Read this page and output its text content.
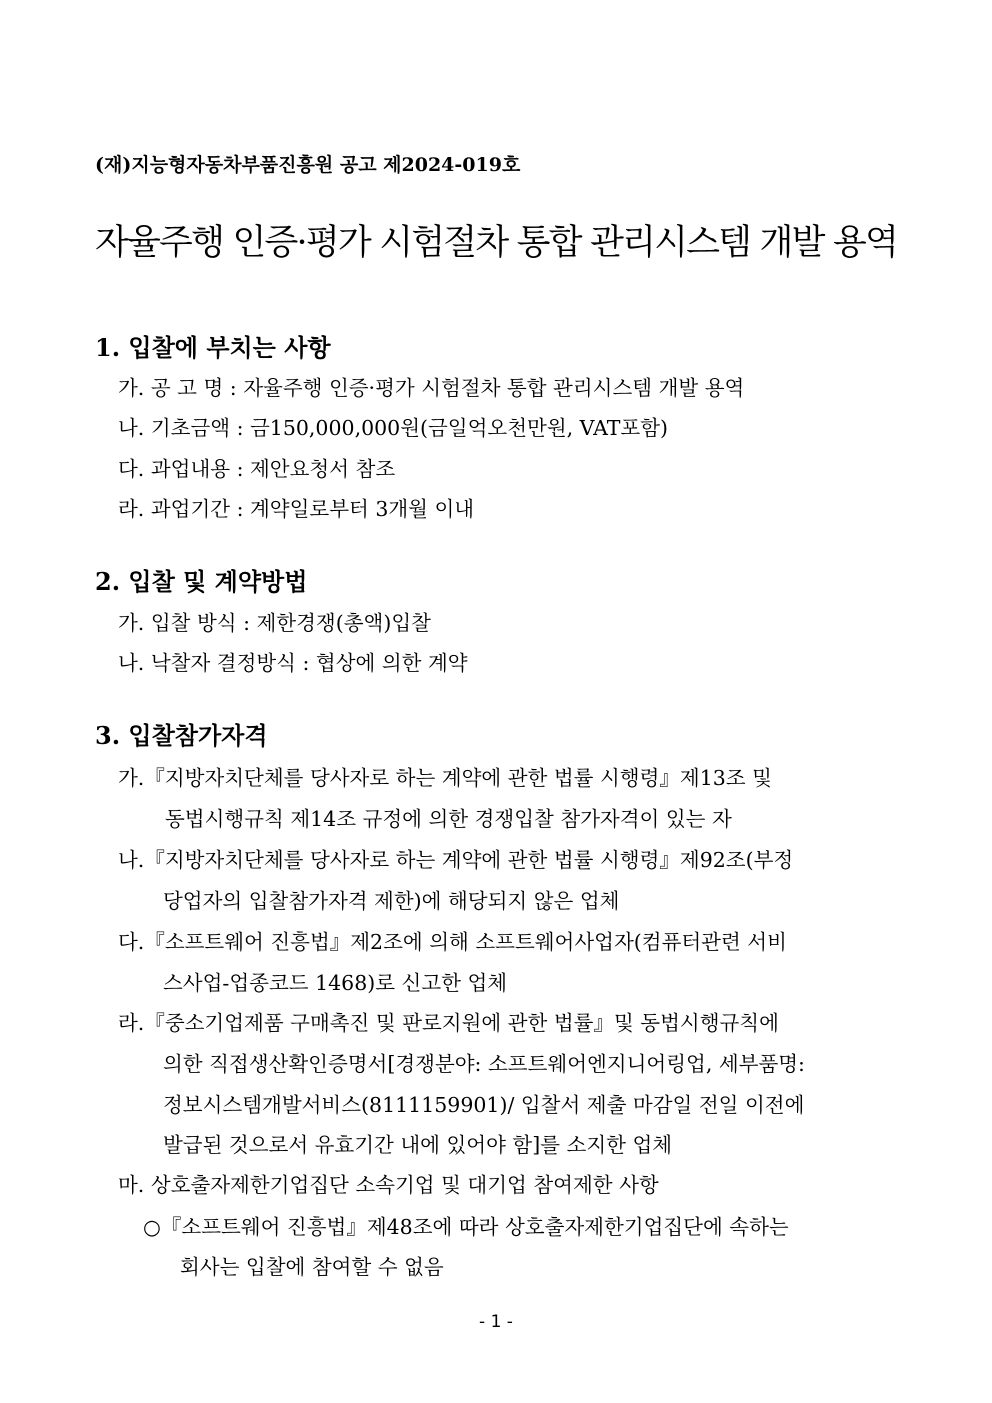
(재)지능형자동차부품진흥원 공고 제2024-019호
자율주행 인증·평가 시험절차 통합 관리시스템 개발 용역
1. 입찰에 부치는 사항
가. 공 고 명 : 자율주행 인증·평가 시험절차 통합 관리시스템 개발 용역
나. 기초금액 : 금150,000,000원(금일억오천만원, VAT포함)
다. 과업내용 : 제안요청서 참조
라. 과업기간 : 계약일로부터 3개월 이내
2. 입찰 및 계약방법
가. 입찰 방식 : 제한경쟁(총액)입찰
나. 낙찰자 결정방식 : 협상에 의한 계약
3. 입찰참가자격
가.『지방자치단체를 당사자로 하는 계약에 관한 법률 시행령』제13조 및
동법시행규칙 제14조 규정에 의한 경쟁입찰 참가자격이 있는 자
나.『지방자치단체를 당사자로 하는 계약에 관한 법률 시행령』제92조(부정
당업자의 입찰참가자격 제한)에 해당되지 않은 업체
다.『소프트웨어 진흥법』제2조에 의해 소프트웨어사업자(컴퓨터관련 서비
스사업-업종코드 1468)로 신고한 업체
라.『중소기업제품 구매촉진 및 판로지원에 관한 법률』및 동법시행규칙에
의한 직접생산확인증명서[경쟁분야: 소프트웨어엔지니어링업, 세부품명:
정보시스템개발서비스(8111159901)/ 입찰서 제출 마감일 전일 이전에
발급된 것으로서 유효기간 내에 있어야 함]를 소지한 업체
마. 상호출자제한기업집단 소속기업 및 대기업 참여제한 사항
○『소프트웨어 진흥법』제48조에 따라 상호출자제한기업집단에 속하는
회사는 입찰에 참여할 수 없음
- 1 -
